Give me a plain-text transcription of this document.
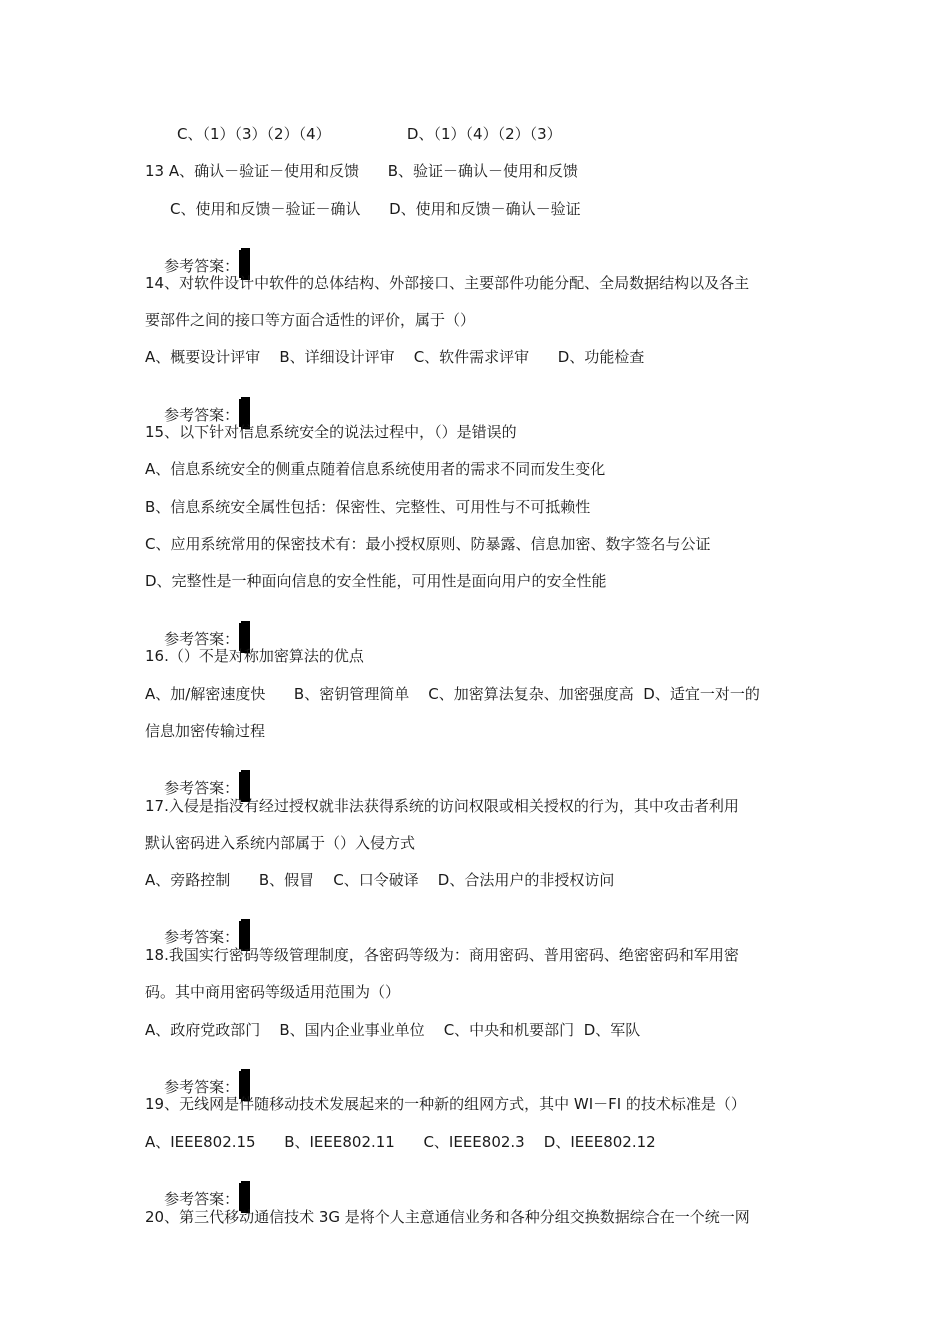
C、（1）（3）（2）（4）                D、（1）（4）（2）（3）
13 A、确认－验证－使用和反馈      B、验证－确认－使用和反馈
C、使用和反馈－验证－确认      D、使用和反馈－确认－验证

参考答案：

14、对软件设计中软件的总体结构、外部接口、主要部件功能分配、全局数据结构以及各主
要部件之间的接口等方面合适性的评价，属于（）
A、概要设计评审    B、详细设计评审    C、软件需求评审      D、功能检查

参考答案：

15、以下针对信息系统安全的说法过程中，（）是错误的
A、信息系统安全的侧重点随着信息系统使用者的需求不同而发生变化
B、信息系统安全属性包括：保密性、完整性、可用性与不可抵赖性
C、应用系统常用的保密技术有：最小授权原则、防暴露、信息加密、数字签名与公证
D、完整性是一种面向信息的安全性能，可用性是面向用户的安全性能

参考答案：

16.（）不是对称加密算法的优点
A、加/解密速度快      B、密钥管理简单    C、加密算法复杂、加密强度高  D、适宜一对一的
信息加密传输过程

参考答案：

17.入侵是指没有经过授权就非法获得系统的访问权限或相关授权的行为，其中攻击者利用
默认密码进入系统内部属于（）入侵方式
A、旁路控制      B、假冒    C、口令破译    D、合法用户的非授权访问

参考答案：

18.我国实行密码等级管理制度，各密码等级为：商用密码、普用密码、绝密密码和军用密
码。其中商用密码等级适用范围为（）
A、政府党政部门    B、国内企业事业单位    C、中央和机要部门  D、军队

参考答案：

19、无线网是伴随移动技术发展起来的一种新的组网方式，其中 WI－FI 的技术标准是（）
A、IEEE802.15      B、IEEE802.11      C、IEEE802.3    D、IEEE802.12

参考答案：

20、第三代移动通信技术 3G 是将个人主意通信业务和各种分组交换数据综合在一个统一网
